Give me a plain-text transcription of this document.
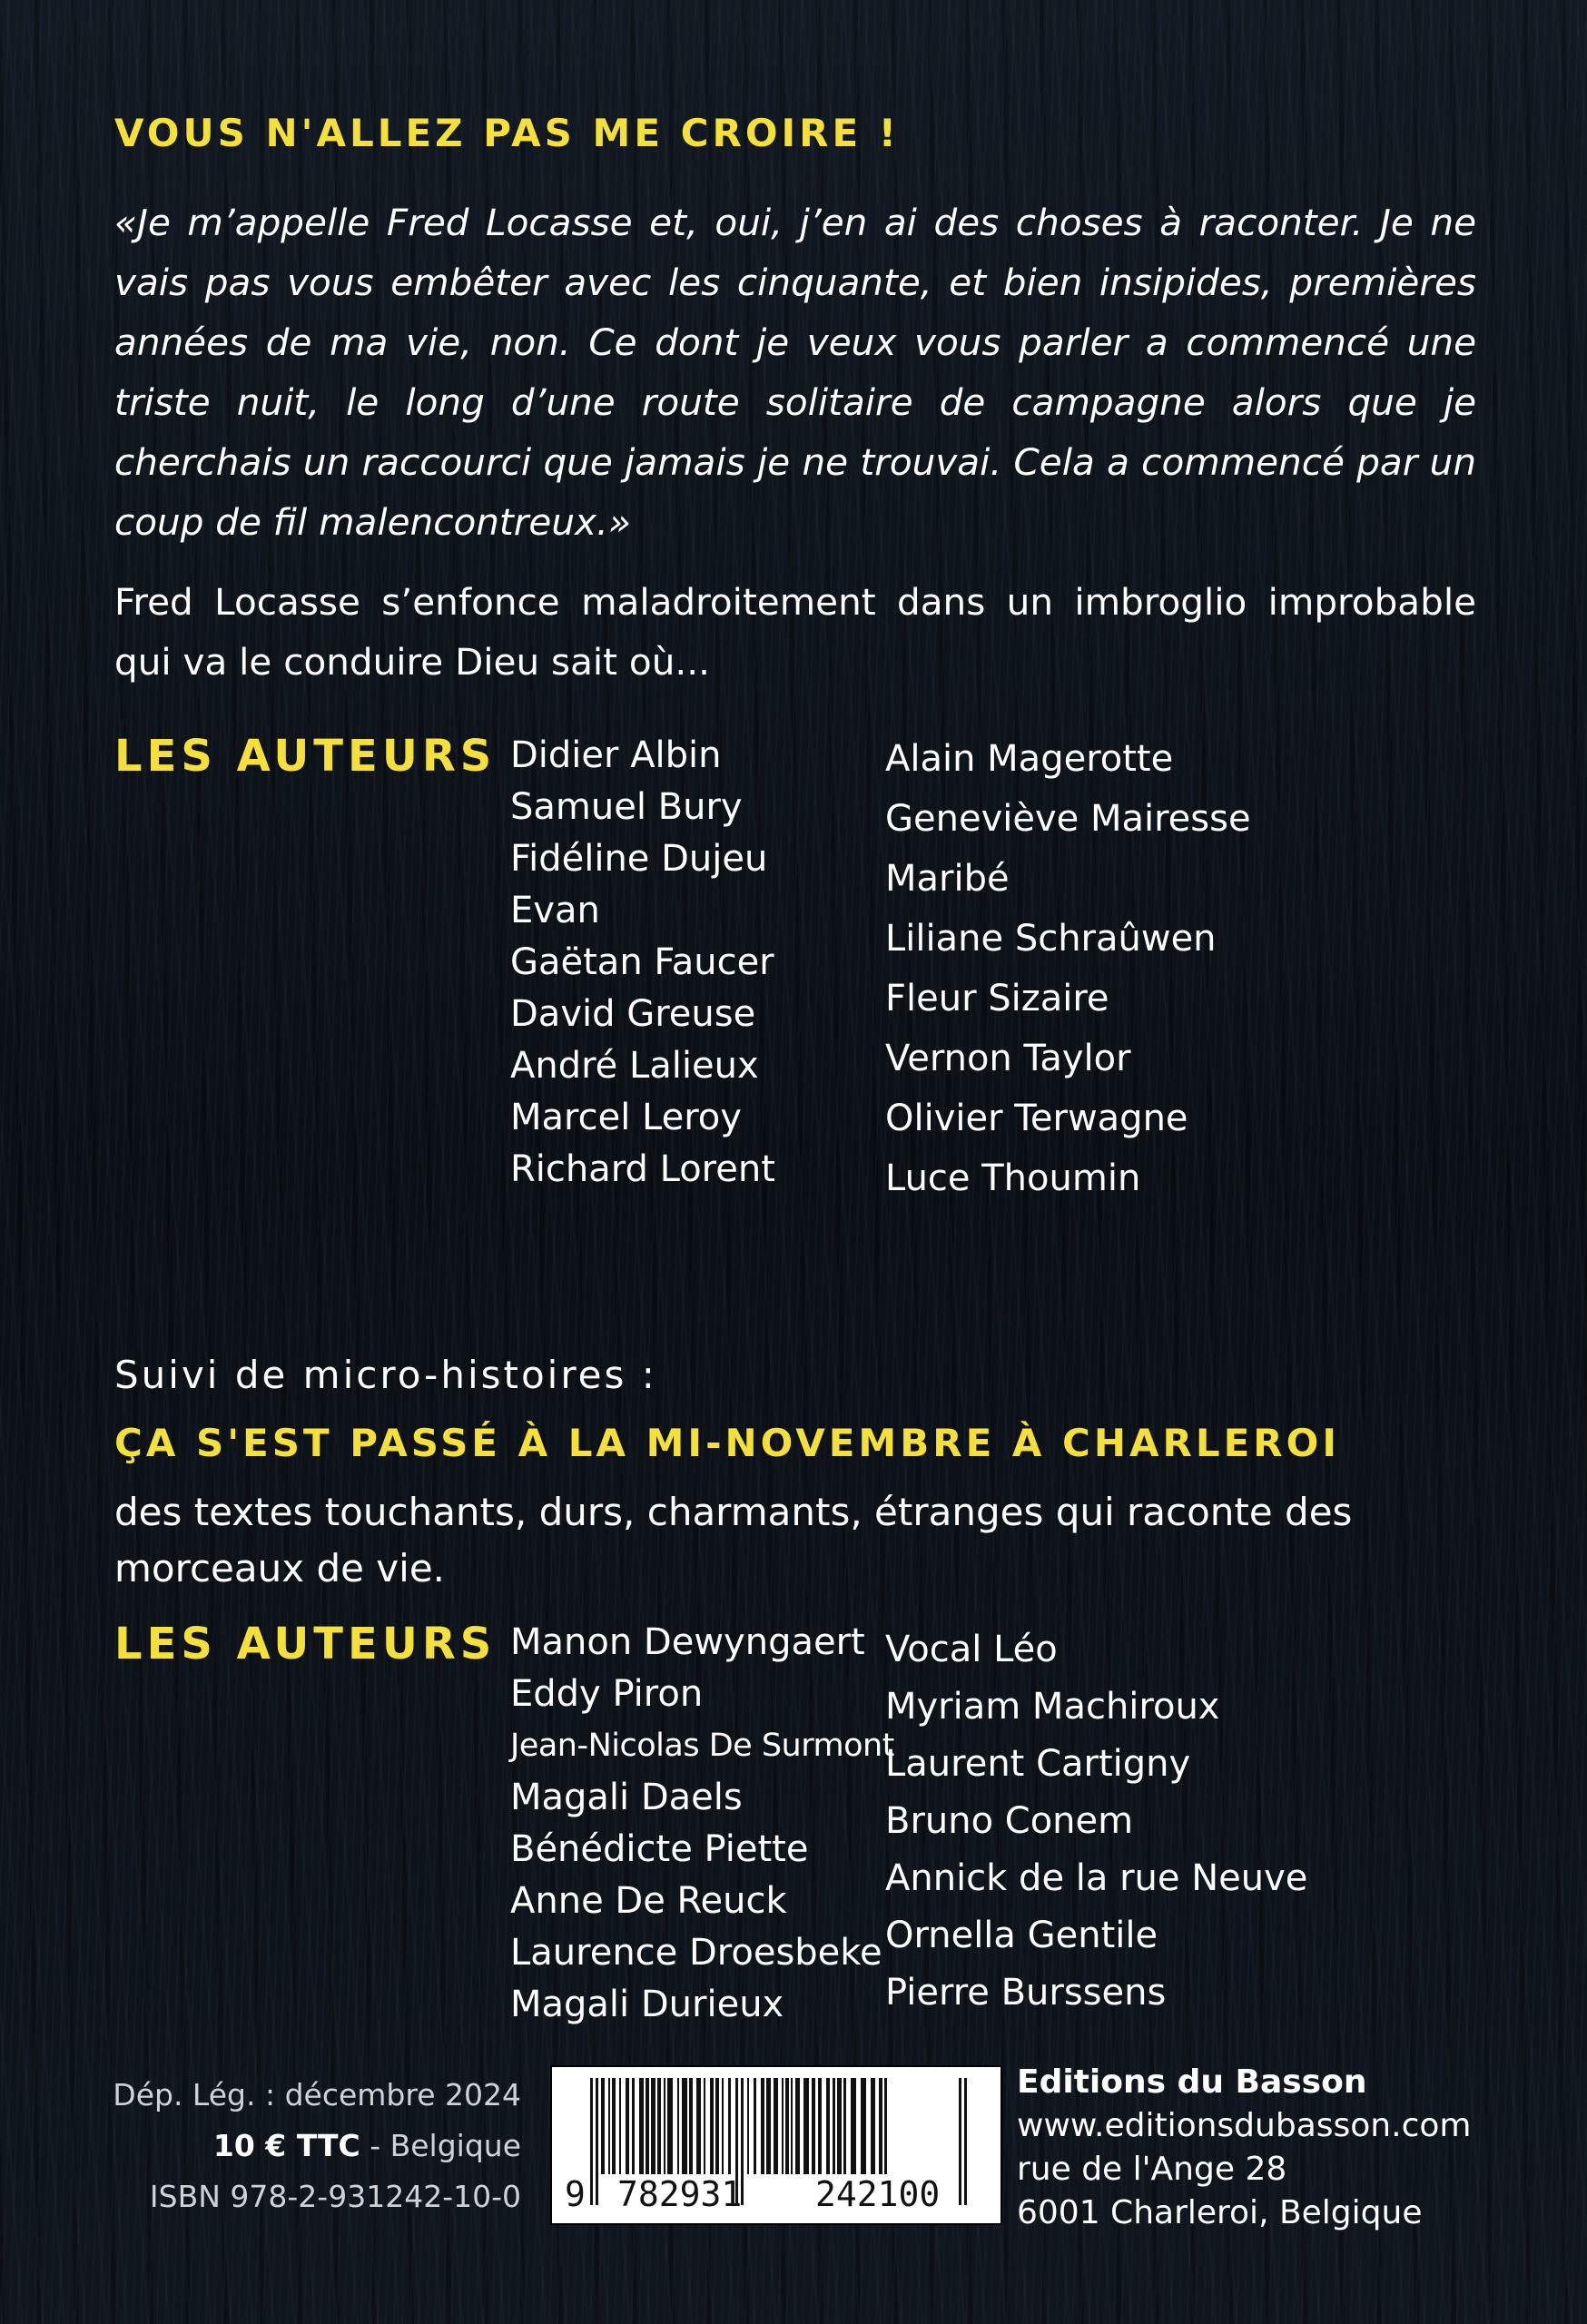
VOUS N'ALLEZ PAS ME CROIRE !
«Je m’appelle Fred Locasse et, oui, j’en ai des choses à raconter. Je ne vais pas vous embêter avec les cinquante, et bien insipides, premières années de ma vie, non. Ce dont je veux vous parler a commencé une triste nuit, le long d’une route solitaire de campagne alors que je cherchais un raccourci que jamais je ne trouvai. Cela a commencé par un coup de fil malencontreux.»
Fred Locasse s’enfonce maladroitement dans un imbroglio improbable qui va le conduire Dieu sait où...
LES AUTEURS Didier Albin
Samuel Bury
Fidéline Dujeu
Evan
Gaëtan Faucer
David Greuse
André Lalieux
Marcel Leroy
Richard Lorent
Alain Magerotte
Geneviève Mairesse
Maribé
Liliane Schraûwen
Fleur Sizaire
Vernon Taylor
Olivier Terwagne
Luce Thoumin
Suivi de micro-histoires :
ÇA S'EST PASSÉ À LA MI-NOVEMBRE À CHARLEROI
des textes touchants, durs, charmants, étranges qui raconte des morceaux de vie.
LES AUTEURS Manon Dewyngaert
Eddy Piron
Jean-Nicolas De Surmont
Magali Daels
Bénédicte Piette
Anne De Reuck
Laurence Droesbeke
Magali Durieux
Vocal Léo
Myriam Machiroux
Laurent Cartigny
Bruno Conem
Annick de la rue Neuve
Ornella Gentile
Pierre Burssens
Dép. Lég. : décembre 2024
10 € TTC - Belgique
ISBN 978-2-931242-10-0 9 782931 242100
Editions du Basson
www.editionsdubasson.com
rue de l'Ange 28
6001 Charleroi, Belgique
